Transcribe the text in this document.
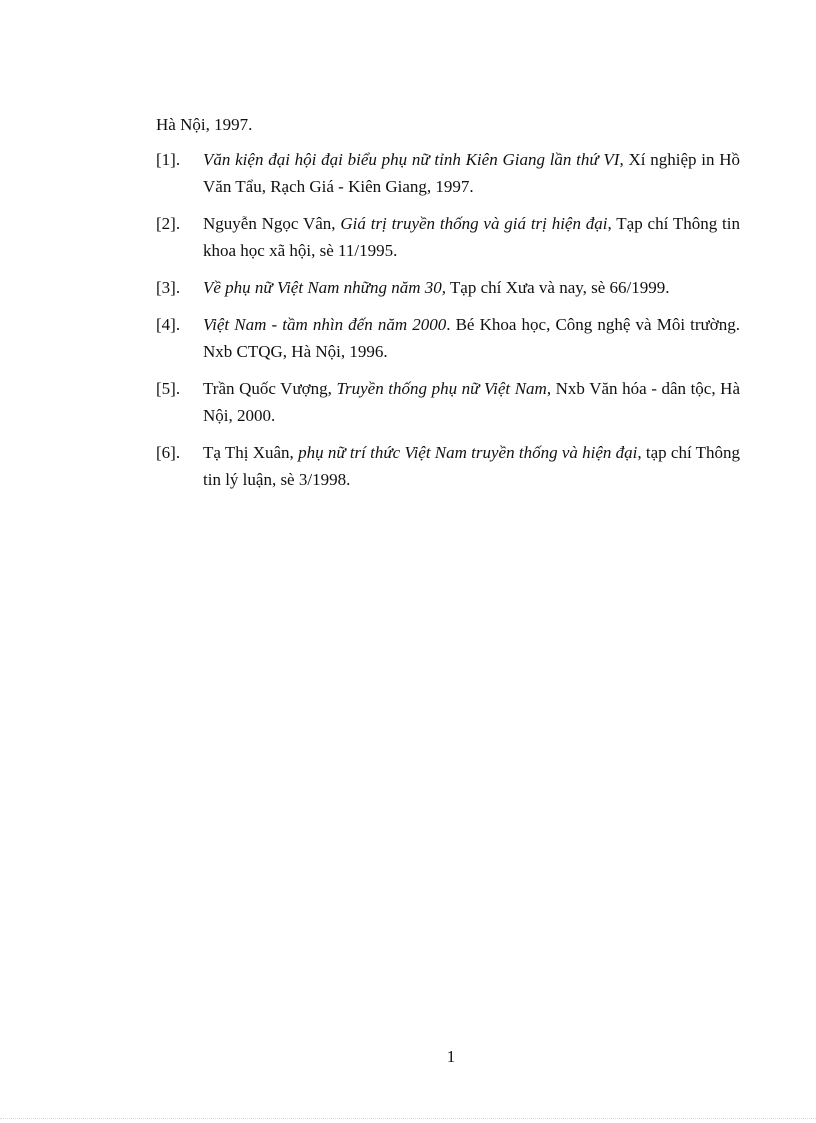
Hà Nội, 1997.

[1]. Văn kiện đại hội đại biểu phụ nữ tỉnh Kiên Giang lần thứ VI, Xí nghiệp in Hồ Văn Tẩu, Rạch Giá - Kiên Giang, 1997.
[2]. Nguyễn Ngọc Vân, Giá trị truyền thống và giá trị hiện đại, Tạp chí Thông tin khoa học xã hội, sè 11/1995.
[3]. Về phụ nữ Việt Nam những năm 30, Tạp chí Xưa và nay, sè 66/1999.
[4]. Việt Nam - tầm nhìn đến năm 2000. Bé Khoa học, Công nghệ và Môi trường. Nxb CTQG, Hà Nội, 1996.
[5]. Trần Quốc Vượng, Truyền thống phụ nữ Việt Nam, Nxb Văn hóa - dân tộc, Hà Nội, 2000.
[6]. Tạ Thị Xuân, phụ nữ trí thức Việt Nam truyền thống và hiện đại, tạp chí Thông tin lý luận, sè 3/1998.
1
